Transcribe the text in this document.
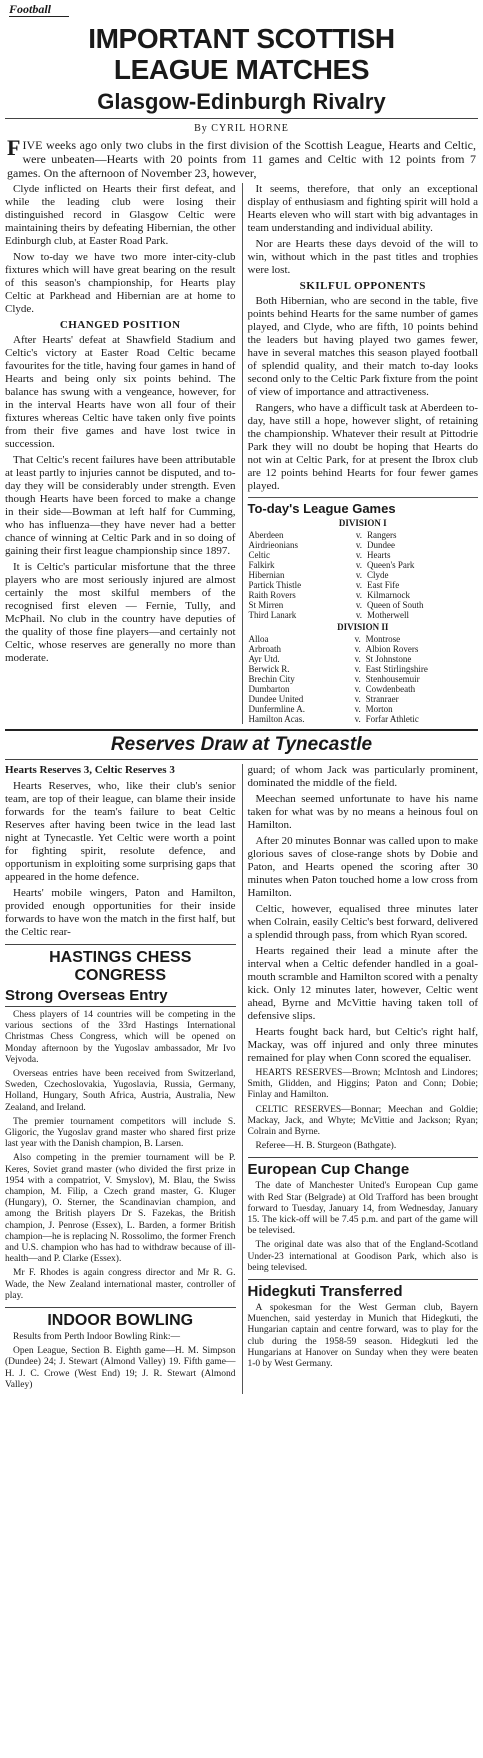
Football
IMPORTANT SCOTTISH
LEAGUE MATCHES
Glasgow-Edinburgh Rivalry
By CYRIL HORNE
FIVE weeks ago only two clubs in the first division of the Scottish League, Hearts and Celtic, were unbeaten—Hearts with 20 points from 11 games and Celtic with 12 points from 7 games. On the afternoon of November 23, however,

Clyde inflicted on Hearts their first defeat, and while the leading club were losing their distinguished record in Glasgow Celtic were maintaining theirs by defeating Hibernian, the other Edinburgh club, at Easter Road Park.

Now to-day we have two more inter-city-club fixtures which will have great bearing on the result of this season's championship, for Hearts play Celtic at Parkhead and Hibernian are at home to Clyde.

CHANGED POSITION

After Hearts' defeat at Shawfield Stadium and Celtic's victory at Easter Road Celtic became favourites for the title, having four games in hand of Hearts and being only six points behind. The balance has swung with a vengeance, however, for in the interval Hearts have won all four of their fixtures whereas Celtic have taken only five points from their five games and have lost twice in succession.

That Celtic's recent failures have been attributable at least partly to injuries cannot be disputed, and to-day they will be considerably under strength. Even though Hearts have been forced to make a change in their side—Bowman at left half for Cumming, who has influenza—they have never had a better chance of winning at Celtic Park and in so doing of gaining their first league championship since 1897.

It is Celtic's particular misfortune that the three players who are most seriously injured are almost certainly the most skilful members of the recognised first eleven — Fernie, Tully, and McPhail. No club in the country have deputies of the quality of those fine players—and certainly not Celtic, whose reserves are generally no more than moderate.

It seems, therefore, that only an exceptional display of enthusiasm and fighting spirit will hold a Hearts eleven who will start with big advantages in team understanding and individual ability.

Nor are Hearts these days devoid of the will to win, without which in the past titles and trophies were lost.

SKILFUL OPPONENTS

Both Hibernian, who are second in the table, five points behind Hearts for the same number of games played, and Clyde, who are fifth, 10 points behind the leaders but having played two games fewer, have in several matches this season played football of splendid quality, and their match to-day looks second only to the Celtic Park fixture from the point of view of importance and attractiveness.

Rangers, who have a difficult task at Aberdeen to-day, have still a hope, however slight, of retaining the championship. Whatever their result at Pittodrie Park they will no doubt be hoping that Hearts do not win at Celtic Park, for at present the Ibrox club are 12 points behind Hearts for four fewer games played.

To-day's League Games
DIVISION I
Aberdeen	v.	Rangers
Airdrieonians	v.	Dundee
Celtic	v.	Hearts
Falkirk	v.	Queen's Park
Hibernian	v.	Clyde
Partick Thistle	v.	East Fife
Raith Rovers	v.	Kilmarnock
St Mirren	v.	Queen of South
Third Lanark	v.	Motherwell
DIVISION II
Alloa	v.	Montrose
Arbroath	v.	Albion Rovers
Ayr Utd.	v.	St Johnstone
Berwick R.	v.	East Stirlingshire
Brechin City	v.	Stenhousemuir
Dumbarton	v.	Cowdenbeath
Dundee United	v.	Stranraer
Dunfermline A.	v.	Morton
Hamilton Acas.	v.	Forfar Athletic
Reserves Draw at Tynecastle

Hearts Reserves 3, Celtic Reserves 3

Hearts Reserves, who, like their club's senior team, are top of their league, can blame their inside forwards for the team's failure to beat Celtic Reserves after having been twice in the lead last night at Tynecastle. Yet Celtic were worth a point for fighting spirit, resolute defence, and opportunism in exploiting some surprising gaps that appeared in the home defence.

Hearts' mobile wingers, Paton and Hamilton, provided enough opportunities for their inside forwards to have won the match in the first half, but the Celtic rear-

HASTINGS CHESS
CONGRESS
Strong Overseas Entry

Chess players of 14 countries will be competing in the various sections of the 33rd Hastings International Christmas Chess Congress, which will be opened on Monday afternoon by the Yugoslav ambassador, Mr Ivo Vejvoda.

Overseas entries have been received from Switzerland, Sweden, Czechoslovakia, Yugoslavia, Russia, Germany, Holland, Hungary, South Africa, Austria, Australia, New Zealand, and Ireland.

The premier tournament competitors will include S. Gligoric, the Yugoslav grand master who shared first prize last year with the Danish champion, B. Larsen.

Also competing in the premier tournament will be P. Keres, Soviet grand master (who divided the first prize in 1954 with a compatriot, V. Smyslov), M. Blau, the Swiss champion, M. Filip, a Czech grand master, G. Kluger (Hungary), O. Sterner, the Scandinavian champion, and among the British players Dr S. Fazekas, the British champion, J. Penrose (Essex), L. Barden, a former British champion—he is replacing N. Rossolimo, the former French and U.S. champion who has had to withdraw because of ill-health—and P. Clarke (Essex).

Mr F. Rhodes is again congress director and Mr R. G. Wade, the New Zealand international master, controller of play.

INDOOR BOWLING

Results from Perth Indoor Bowling Rink:—

Open League, Section B. Eighth game—H. M. Simpson (Dundee) 24; J. Stewart (Almond Valley) 19. Fifth game—H. J. C. Crowe (West End) 19; J. R. Stewart (Almond Valley)

guard; of whom Jack was particularly prominent, dominated the middle of the field.

Meechan seemed unfortunate to have his name taken for what was by no means a heinous foul on Hamilton.

After 20 minutes Bonnar was called upon to make glorious saves of close-range shots by Dobie and Paton, and Hearts opened the scoring after 30 minutes when Paton touched home a low cross from Hamilton.

Celtic, however, equalised three minutes later when Colrain, easily Celtic's best forward, delivered a splendid through pass, from which Ryan scored.

Hearts regained their lead a minute after the interval when a Celtic defender handled in a goal-mouth scramble and Hamilton scored with a penalty kick. Only 12 minutes later, however, Celtic went ahead, Byrne and McVittie having taken toll of defensive slips.

Hearts fought back hard, but Celtic's right half, Mackay, was off injured and only three minutes remained for play when Conn scored the equaliser.

HEARTS RESERVES—Brown; McIntosh and Lindores; Smith, Glidden, and Higgins; Paton and Conn; Dobie; Finlay and Hamilton.

CELTIC RESERVES—Bonnar; Meechan and Goldie; Mackay, Jack, and Whyte; McVittie and Jackson; Ryan; Colrain and Byrne.

Referee—H. B. Sturgeon (Bathgate).

European Cup Change

The date of Manchester United's European Cup game with Red Star (Belgrade) at Old Trafford has been brought forward to Tuesday, January 14, from Wednesday, January 15. The kick-off will be 7.45 p.m. and part of the game will be televised.

The original date was also that of the England-Scotland Under-23 international at Goodison Park, which also is being televised.

Hidegkuti Transferred

A spokesman for the West German club, Bayern Muenchen, said yesterday in Munich that Hidegkuti, the Hungarian captain and centre forward, was to play for the club during the 1958-59 season. Hidegkuti led the Hungarians at Hanover on Sunday when they were beaten 1-0 by West Germany.
